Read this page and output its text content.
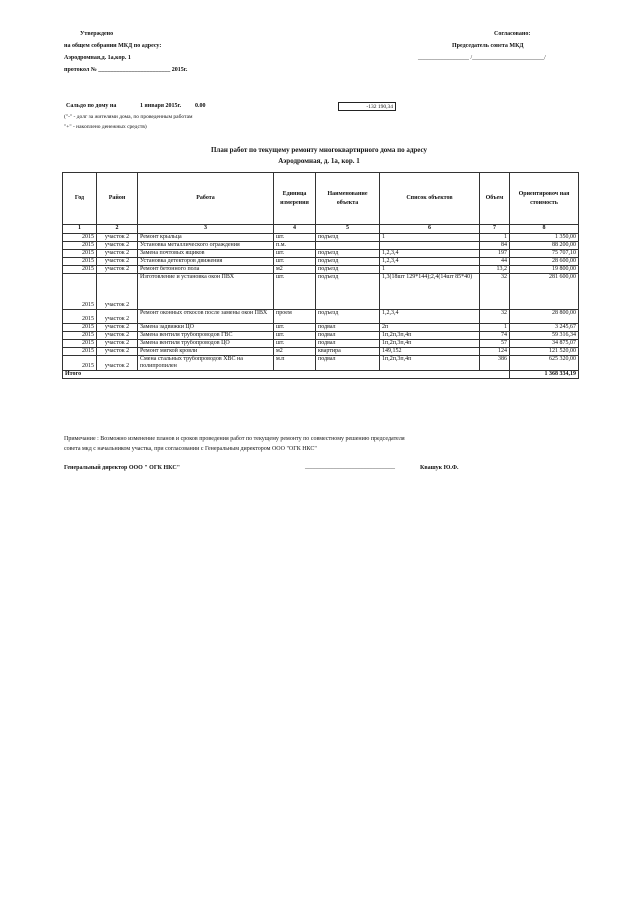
Утверждено
на общем собрании МКД по адресу:
Аэродромная,д. 1а,кор. 1
протокол № ________________________ 2015г.
Согласовано:
Председатель совета МКД
_________________ /________________________/
Сальдо по дому на	1 января 2015г. 0.00	-132 190,34
("-" - долг за жителями дома, по проведенным работам
"+" - накоплено денежных средств)
План работ по текущему ремонту многоквартирного дома по адресу
Аэродромная, д. 1а, кор. 1
Год	Район	Работа	Единица измерения	Наименование объекта	Список объектов	Объем	Ориентировоч ная стоимость
1	2	3	4	5	6	7	8
2015	участок 2	Ремонт крыльца	шт.	подъезд	1	1	1 350,00
2015	участок 2	Установка металлического ограждения	п.м.			84	88 200,00
2015	участок 2	Замена почтовых ящиков	шт.	подъезд	1,2,3,4	197	75 707,10
2015	участок 2	Установка детекторов движения	шт.	подъезд	1,2,3,4	44	28 600,00
2015	участок 2	Ремонт бетонного пола	м2	подъезд	1	13,2	19 800,00
2015	участок 2	Изготовление и установка окон ПВХ	шт.	подъезд	1,3(18шт 129*144);2,4(14шт 85*40)	32	281 600,00
2015	участок 2	Ремонт оконных откосов после замены окон ПВХ	проем	подъезд	1,2,3,4	32	28 800,00
2015	участок 2	Замена задвижки ЦО	шт.	подвал	2п	1	3 245,67
2015	участок 2	Замена вентиля трубопроводов ГВС	шт.	подвал	1п,2п,3п,4п	74	59 316,34
2015	участок 2	Замена вентиля трубопроводов ЦО	шт.	подвал	1п,2п,3п,4п	57	34 875,07
2015	участок 2	Ремонт мягкой кровли	м2	квартира	149,152	124	121 520,00
2015	участок 2	Смена стальных трубопроводов ХВС на полипропилен	м.п	подвал	1п,2п,3п,4п	386	625 320,00
Итого							1 368 334,19
Примечание : Возможно изменение планов и сроков проведения работ по текущему ремонту по совместному решению председателя
совета мкд с начальником участка, при согласовании с Генеральным директором ООО "ОГК НКС"
Генеральный директор ООО " ОГК НКС"	______________________________	Квашук Ю.Ф.
